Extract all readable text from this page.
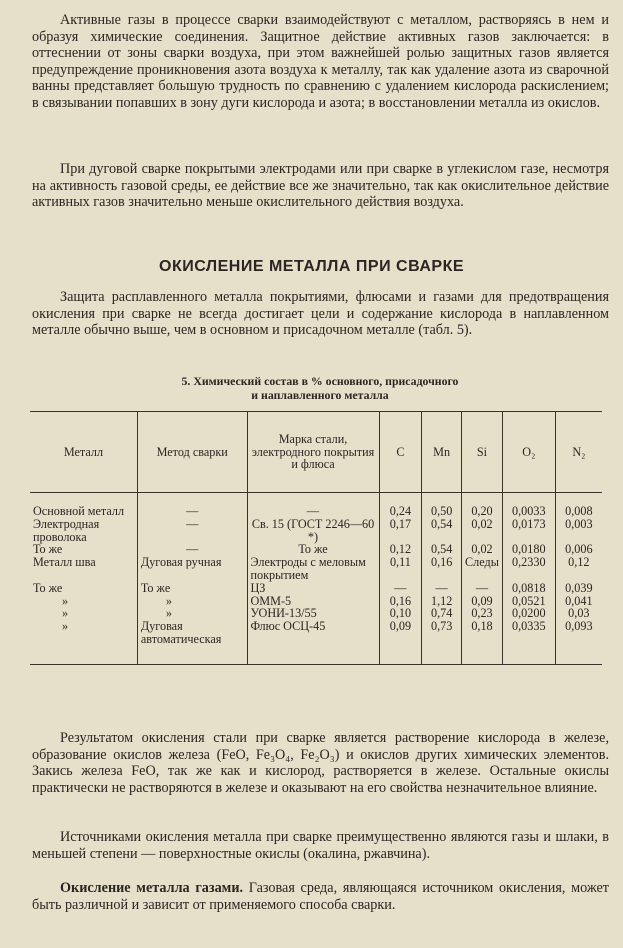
Активные газы в процессе сварки взаимодействуют с металлом, растворяясь в нем и образуя химические соединения. Защитное действие активных газов заключается: в оттеснении от зоны сварки воздуха, при этом важнейшей ролью защитных газов является предупреждение проникновения азота воздуха к металлу, так как удаление азота из сварочной ванны представляет большую трудность по сравнению с удалением кислорода раскислением; в связывании попавших в зону дуги кислорода и азота; в восстановлении металла из окислов.

При дуговой сварке покрытыми электродами или при сварке в углекислом газе, несмотря на активность газовой среды, ее действие все же значительно, так как окислительное действие активных газов значительно меньше окислительного действия воздуха.

ОКИСЛЕНИЕ МЕТАЛЛА ПРИ СВАРКЕ

Защита расплавленного металла покрытиями, флюсами и газами для предотвращения окисления при сварке не всегда достигает цели и содержание кислорода в наплавленном металле обычно выше, чем в основном и присадочном металле (табл. 5).

5. Химический состав в % основного, присадочного
и наплавленного металла
Металл	Метод сварки	Марка стали, электродного покрытия и флюса	C	Mn	Si	O₂	N₂
Основной металл	—	—	0,24	0,50	0,20	0,0033	0,008
Электродная проволока	—	Св. 15 (ГОСТ 2246—60 *)	0,17	0,54	0,02	0,0173	0,003
То же	—	То же	0,12	0,54	0,02	0,0180	0,006
Металл шва	Дуговая ручная	Электроды с меловым покрытием	0,11	0,16	Следы	0,2330	0,12
То же	То же	ЦЗ	—	—	—	0,0818	0,039
»	»	ОММ-5	0,16	1,12	0,09	0,0521	0,041
»	»	УОНИ-13/55	0,10	0,74	0,23	0,0200	0,03
»	Дуговая автоматическая	Флюс ОСЦ-45	0,09	0,73	0,18	0,0335	0,093

Результатом окисления стали при сварке является растворение кислорода в железе, образование окислов железа (FeO, Fe₃O₄, Fe₂O₃) и окислов других химических элементов. Закись железа FeO, так же как и кислород, растворяется в железе. Остальные окислы практически не растворяются в железе и оказывают на его свойства незначительное влияние.

Источниками окисления металла при сварке преимущественно являются газы и шлаки, в меньшей степени — поверхностные окислы (окалина, ржавчина).

Окисление металла газами. Газовая среда, являющаяся источником окисления, может быть различной и зависит от применяемого способа сварки.
